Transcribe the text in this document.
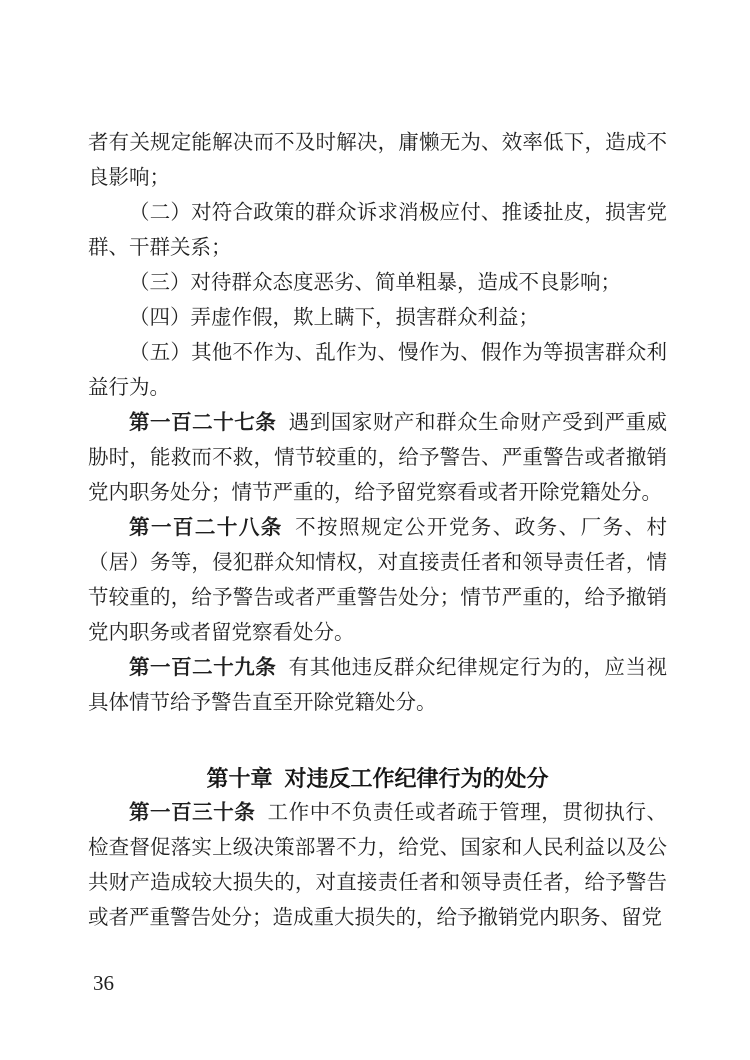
者有关规定能解决而不及时解决，庸懒无为、效率低下，造成不良影响；

（二）对符合政策的群众诉求消极应付、推诿扯皮，损害党群、干群关系；

（三）对待群众态度恶劣、简单粗暴，造成不良影响；

（四）弄虚作假，欺上瞒下，损害群众利益；

（五）其他不作为、乱作为、慢作为、假作为等损害群众利益行为。

第一百二十七条 遇到国家财产和群众生命财产受到严重威胁时，能救而不救，情节较重的，给予警告、严重警告或者撤销党内职务处分；情节严重的，给予留党察看或者开除党籍处分。

第一百二十八条 不按照规定公开党务、政务、厂务、村（居）务等，侵犯群众知情权，对直接责任者和领导责任者，情节较重的，给予警告或者严重警告处分；情节严重的，给予撤销党内职务或者留党察看处分。

第一百二十九条 有其他违反群众纪律规定行为的，应当视具体情节给予警告直至开除党籍处分。

第十章 对违反工作纪律行为的处分

第一百三十条 工作中不负责任或者疏于管理，贯彻执行、检查督促落实上级决策部署不力，给党、国家和人民利益以及公共财产造成较大损失的，对直接责任者和领导责任者，给予警告或者严重警告处分；造成重大损失的，给予撤销党内职务、留党

36
